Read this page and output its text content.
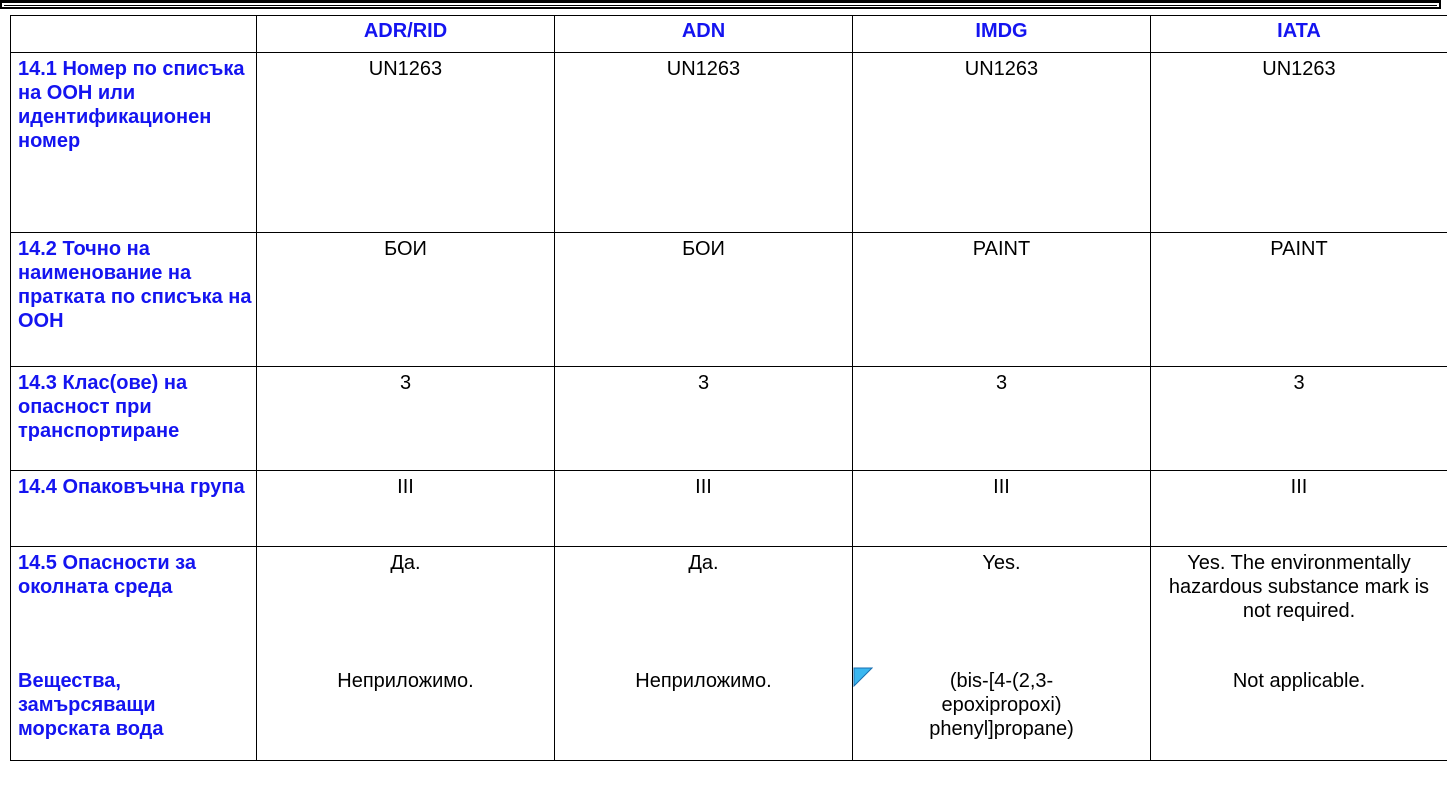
	ADR/RID	ADN	IMDG	IATA
14.1 Номер по списъка на ООН или идентификационен номер	UN1263	UN1263	UN1263	UN1263
14.2 Точно на наименование на пратката по списъка на ООН	БОИ	БОИ	PAINT	PAINT
14.3 Клас(ове) на опасност при транспортиране	3	3	3	3
14.4 Опаковъчна група	III	III	III	III
14.5 Опасности за околната среда	Да.	Да.	Yes.	Yes. The environmentally hazardous substance mark is not required.
Вещества, замърсяващи морската вода	Неприложимо.	Неприложимо.	(bis-[4-(2,3-epoxipropoxi) phenyl]propane)	Not applicable.
